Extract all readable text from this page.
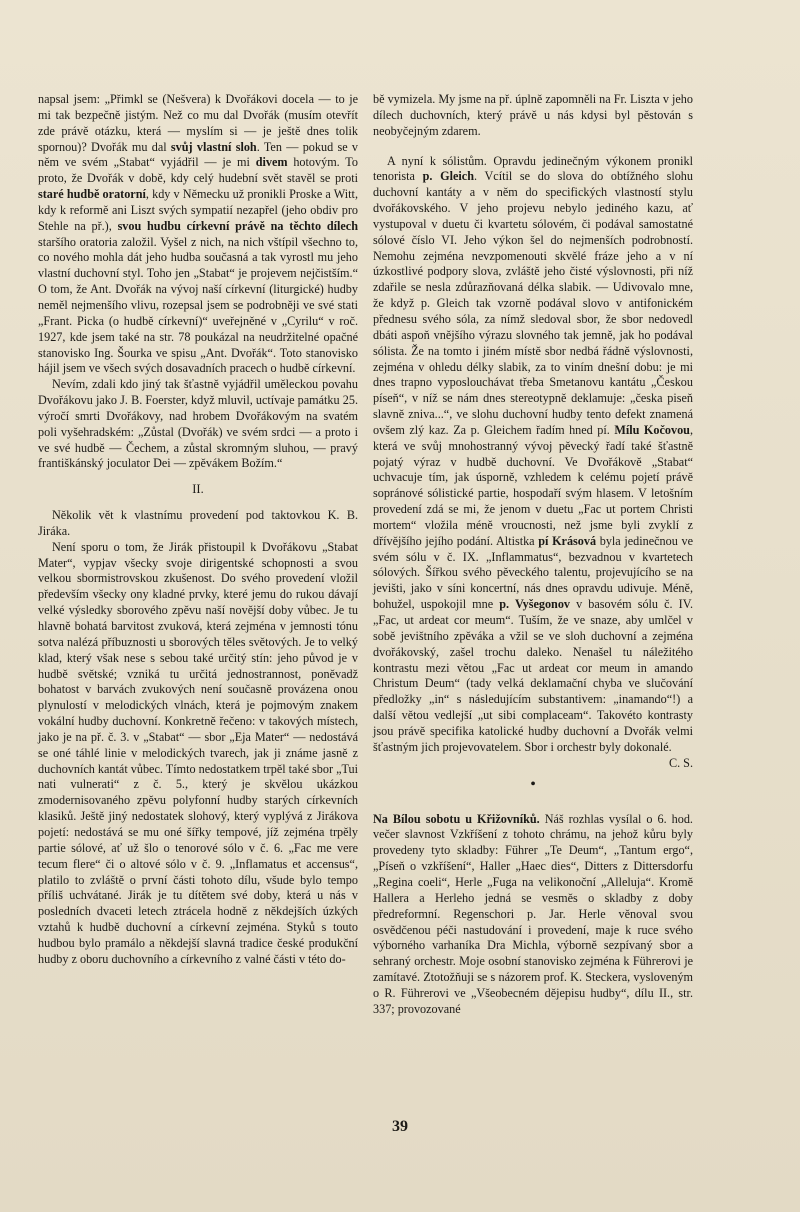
napsal jsem: „Přimkl se (Nešvera) k Dvořákovi docela — to je mi tak bezpečně jistým. Než co mu dal Dvořák (musím otevřít zde právě otázku, která — myslím si — je ještě dnes tolik spornou)? Dvořák mu dal svůj vlastní sloh. Ten — pokud se v něm ve svém „Stabat“ vyjádřil — je mi divem hotovým. To proto, že Dvořák v době, kdy celý hudební svět stavěl se proti staré hudbě oratorní, kdy v Německu už pronikli Proske a Witt, kdy k reformě ani Liszt svých sympatií nezapřel (jeho obdiv pro Stehle na př.), svou hudbu církevní právě na těchto dílech staršího oratoria založil. Vyšel z nich, na nich vštípil všechno to, co nového mohla dát jeho hudba současná a tak vyrostl mu jeho vlastní duchovní styl. Toho jen „Stabat“ je projevem nejčistším.“ O tom, že Ant. Dvořák na vývoj naší církevní (liturgické) hudby neměl nejmenšího vlivu, rozepsal jsem se podrobněji ve své stati „Frant. Picka (o hudbě církevní)“ uveřejněné v „Cyrilu“ v roč. 1927, kde jsem také na str. 78 poukázal na neudržitelné opačné stanovisko Ing. Šourka ve spisu „Ant. Dvořák“. Toto stanovisko hájil jsem ve všech svých dosavadních pracech o hudbě církevní.

Nevím, zdali kdo jiný tak šťastně vyjádřil uměleckou povahu Dvořákovu jako J. B. Foerster, když mluvil, uctívaje památku 25. výročí smrti Dvořákovy, nad hrobem Dvořákovým na svatém poli vyšehradském: „Zůstal (Dvořák) ve svém srdci — a proto i ve své hudbě — Čechem, a zůstal skromným sluhou, — pravý františkánský joculator Dei — zpěvákem Božím.“

II.

Několik vět k vlastnímu provedení pod taktovkou K. B. Jiráka.

Není sporu o tom, že Jirák přistoupil k Dvořákovu „Stabat Mater“, vypjav všecky svoje dirigentské schopnosti a svou velkou sbormistrovskou zkušenost. Do svého provedení vložil především všecky ony kladné prvky, které jemu do rukou dávají velké výsledky sborového zpěvu naší novější doby vůbec. Je tu hlavně bohatá barvitost zvuková, která zejména v jemnosti tónu sotva nalézá příbuznosti u sborových těles světových. Je to velký klad, který však nese s sebou také určitý stín: jeho původ je v hudbě světské; vzniká tu určitá jednostrannost, poněvadž bohatost v barvách zvukových není současně provázena onou plynulostí v melodických vlnách, která je pojmovým znakem vokální hudby duchovní. Konkretně řečeno: v takových místech, jako je na př. č. 3. v „Stabat“ — sbor „Eja Mater“ — nedostává se oné táhlé linie v melodických tvarech, jak ji známe jasně z duchovních kantát vůbec. Tímto nedostatkem trpěl také sbor „Tui nati vulnerati“ z č. 5., který je skvělou ukázkou zmodernisovaného zpěvu polyfonní hudby starých církevních klasiků. Ještě jiný nedostatek slohový, který vyplývá z Jirákova pojetí: nedostává se mu oné šířky tempové, jíž zejména trpěly partie sólové, ať už šlo o tenorové sólo v č. 6. „Fac me vere tecum flere“ či o altové sólo v č. 9. „Inflamatus et accensus“, platilo to zvláště o první části tohoto dílu, všude bylo tempo příliš uchvátané. Jirák je tu dítětem své doby, která u nás v posledních dvaceti letech ztrácela hodně z někdejších úzkých vztahů k hudbě duchovní a církevní zejména. Styků s touto hudbou bylo pramálo a někdejší slavná tradice české produkční hudby z oboru duchovního a církevního z valné části v této do-

bě vymizela. My jsme na př. úplně zapomněli na Fr. Liszta v jeho dílech duchovních, který právě u nás kdysi byl pěstován s neobyčejným zdarem.

A nyní k sólistům. Opravdu jedinečným výkonem pronikl tenorista p. Gleich. Vcítil se do slova do obtížného slohu duchovní kantáty a v něm do specifických vlastností stylu dvořákovského. V jeho projevu nebylo jediného kazu, ať vystupoval v duetu či kvartetu sólovém, či podával samostatné sólové číslo VI. Jeho výkon šel do nejmenších podrobností. Nemohu zejména nevzpomenouti skvělé fráze jeho a v ní úzkostlivé podpory slova, zvláště jeho čisté výslovnosti, při níž zdařile se nesla zdůrazňovaná délka slabik. — Udivovalo mne, že když p. Gleich tak vzorně podával slovo v antifonickém přednesu svého sóla, za nímž sledoval sbor, že sbor nedovedl dbáti aspoň vnějšího výrazu slovného tak jemně, jak ho podával sólista. Že na tomto i jiném místě sbor nedbá řádně výslovnosti, zejména v ohledu délky slabik, za to viním dnešní dobu: je mi dnes trapno vyposlouchávat třeba Smetanovu kantátu „Českou píseň“, v níž se nám dnes stereotypně deklamuje: „česka piseň slavně zniva...“, ve slohu duchovní hudby tento defekt znamená ovšem zlý kaz. Za p. Gleichem řadím hned pí. Mílu Kočovou, která ve svůj mnohostranný vývoj pěvecký řadí také šťastně pojatý výraz v hudbě duchovní. Ve Dvořákově „Stabat“ uchvacuje tím, jak úsporně, vzhledem k celému pojetí právě sopránové sólistické partie, hospodaří svým hlasem. V letošním provedení zdá se mi, že jenom v duetu „Fac ut portem Christi mortem“ vložila méně vroucnosti, než jsme byli zvyklí z dřívějšího jejího podání. Altistka pí Krásová byla jedinečnou ve svém sólu v č. IX. „Inflammatus“, bezvadnou v kvartetech sólových. Šířkou svého pěveckého talentu, projevujícího se na jevišti, jako v síni koncertní, nás dnes opravdu udivuje. Méně, bohužel, uspokojil mne p. Vyšegonov v basovém sólu č. IV. „Fac, ut ardeat cor meum“. Tuším, že ve snaze, aby umlčel v sobě jevištního zpěváka a vžil se ve sloh duchovní a zejména dvořákovský, zašel trochu daleko. Nenašel tu náležitého kontrastu mezi větou „Fac ut ardeat cor meum in amando Christum Deum“ (tady velká deklamační chyba ve slučování předložky „in“ s následujícím substantivem: „inamando“!) a další větou vedlejší „ut sibi complaceam“. Takovéto kontrasty jsou právě specifika katolické hudby duchovní a Dvořák velmi šťastným jich projevovatelem. Sbor i orchestr byly dokonalé.
C. S.

•

Na Bílou sobotu u Křižovníků. Náš rozhlas vysílal o 6. hod. večer slavnost Vzkříšení z tohoto chrámu, na jehož kůru byly provedeny tyto skladby: Führer „Te Deum“, „Tantum ergo“, „Píseň o vzkříšení“, Haller „Haec dies“, Ditters z Dittersdorfu „Regina coeli“, Herle „Fuga na velikonoční „Alleluja“. Kromě Hallera a Herleho jedná se vesměs o skladby z doby předreformní. Regenschori p. Jar. Herle věnoval svou osvědčenou péči nastudování i provedení, maje k ruce svého výborného varhaníka Dra Michla, výborně sezpívaný sbor a sehraný orchestr. Moje osobní stanovisko zejména k Führerovi je zamítavé. Ztotožňuji se s názorem prof. K. Steckera, vysloveným o R. Führerovi ve „Všeobecném dějepisu hudby“, dílu II., str. 337; provozované

39
